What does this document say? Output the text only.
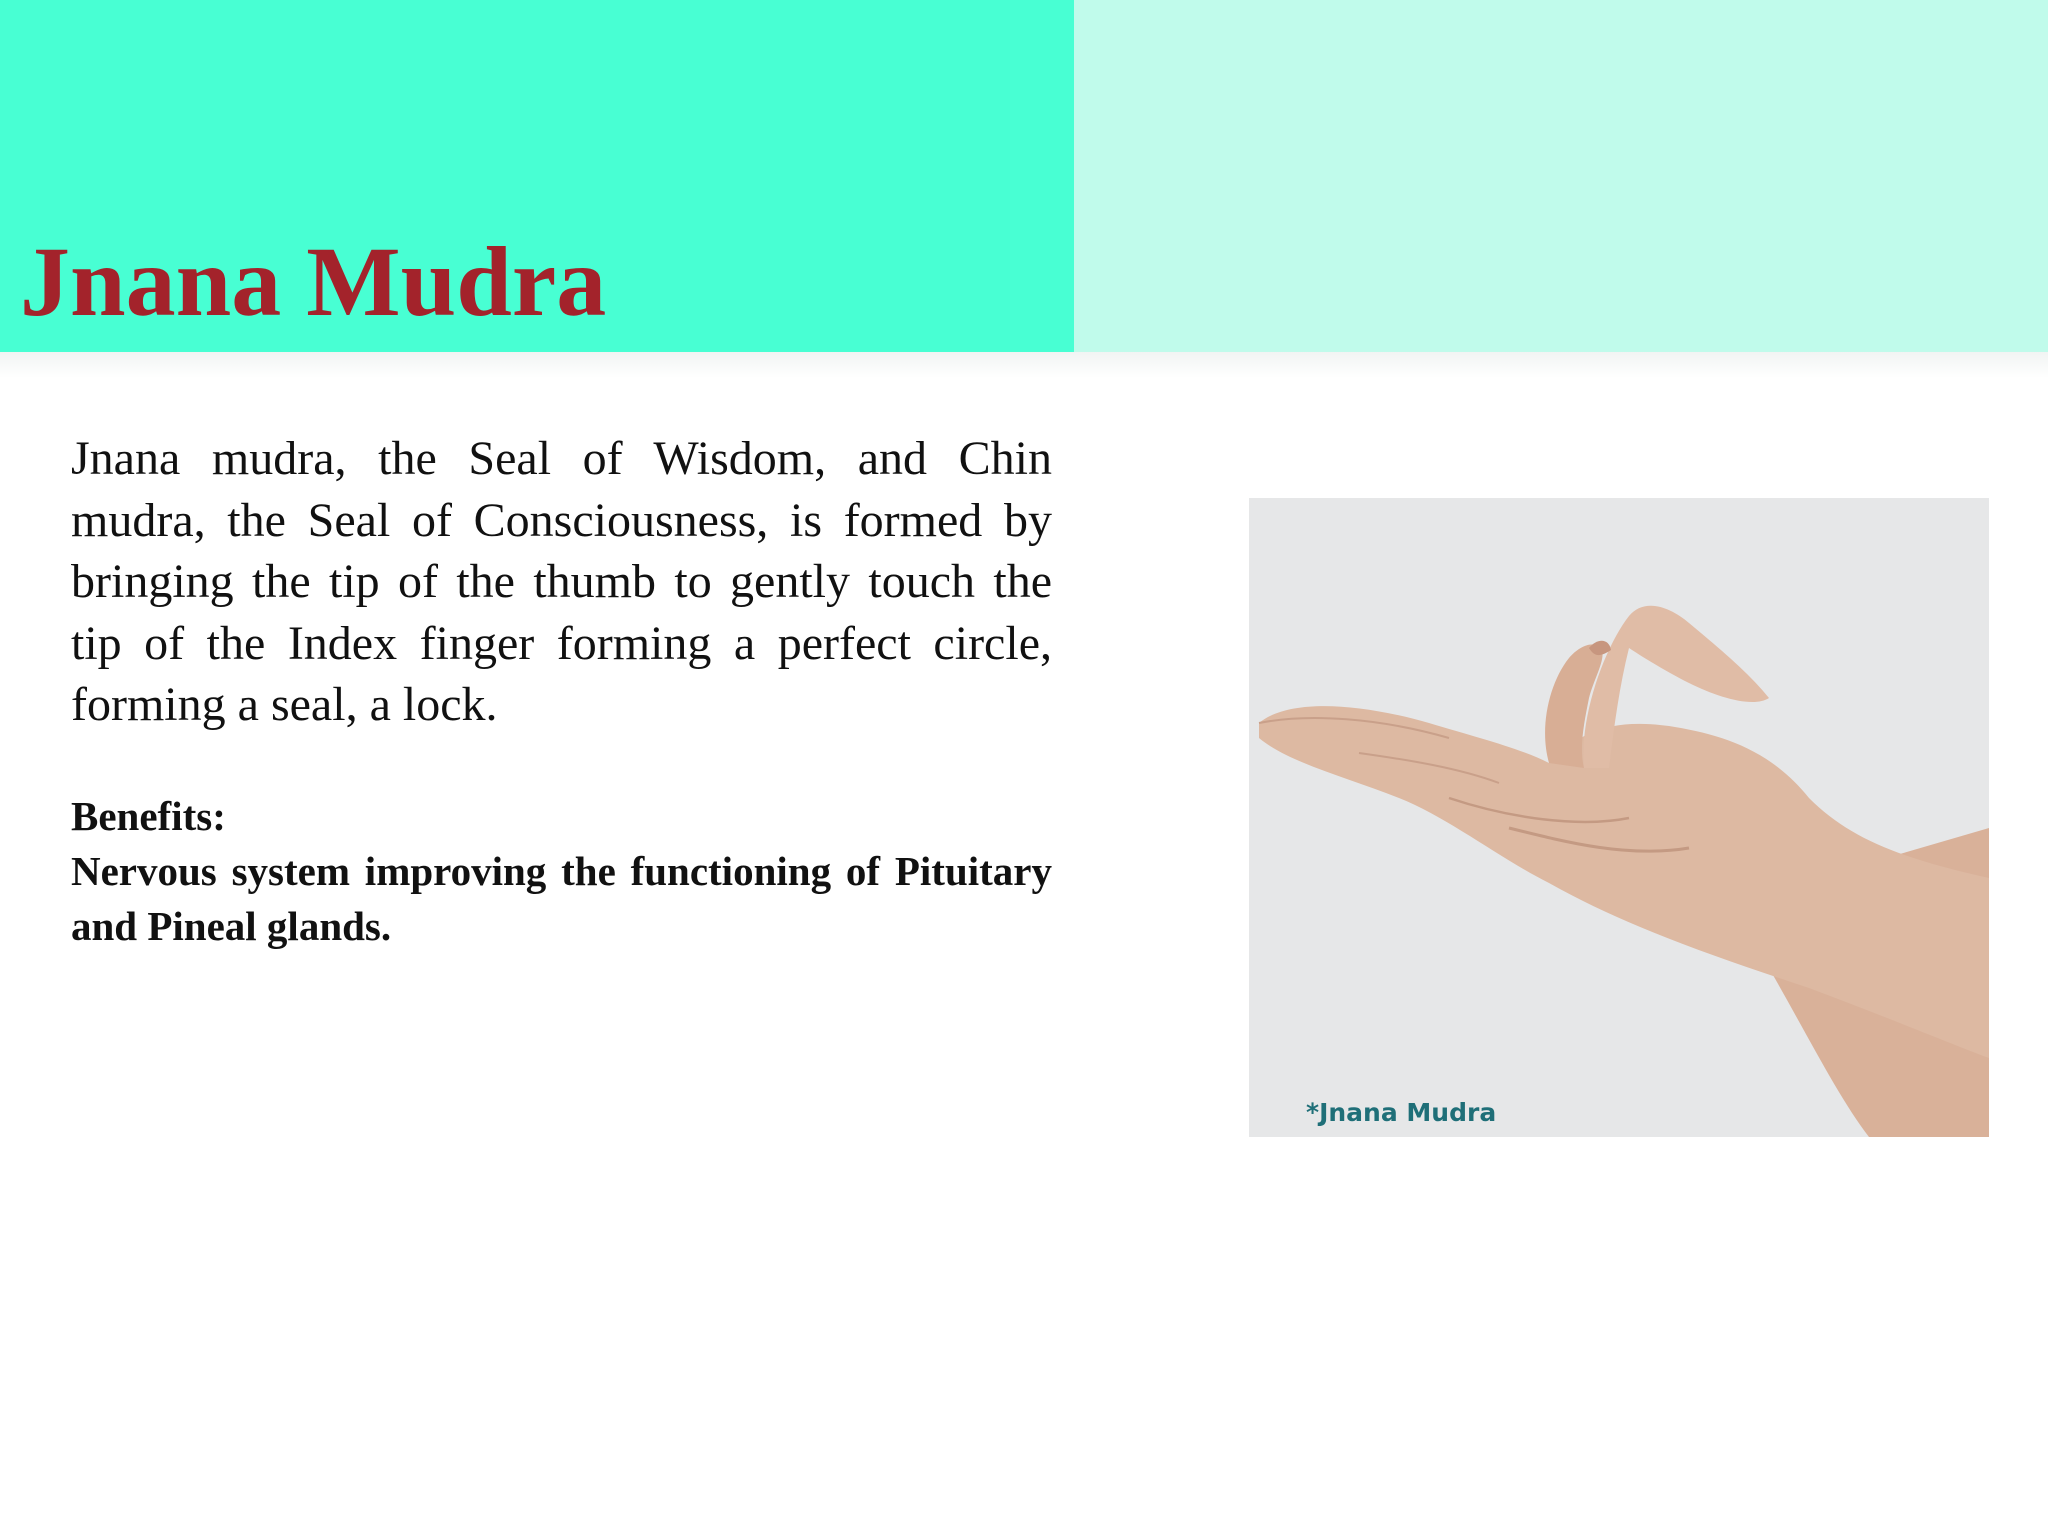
Jnana Mudra

Jnana mudra, the Seal of Wisdom, and Chin mudra, the Seal of Consciousness, is formed by bringing the tip of the thumb to gently touch the tip of the Index finger forming a perfect circle, forming a seal, a lock.

Benefits:

Nervous system improving the functioning of Pituitary and Pineal glands.

*Jnana Mudra
